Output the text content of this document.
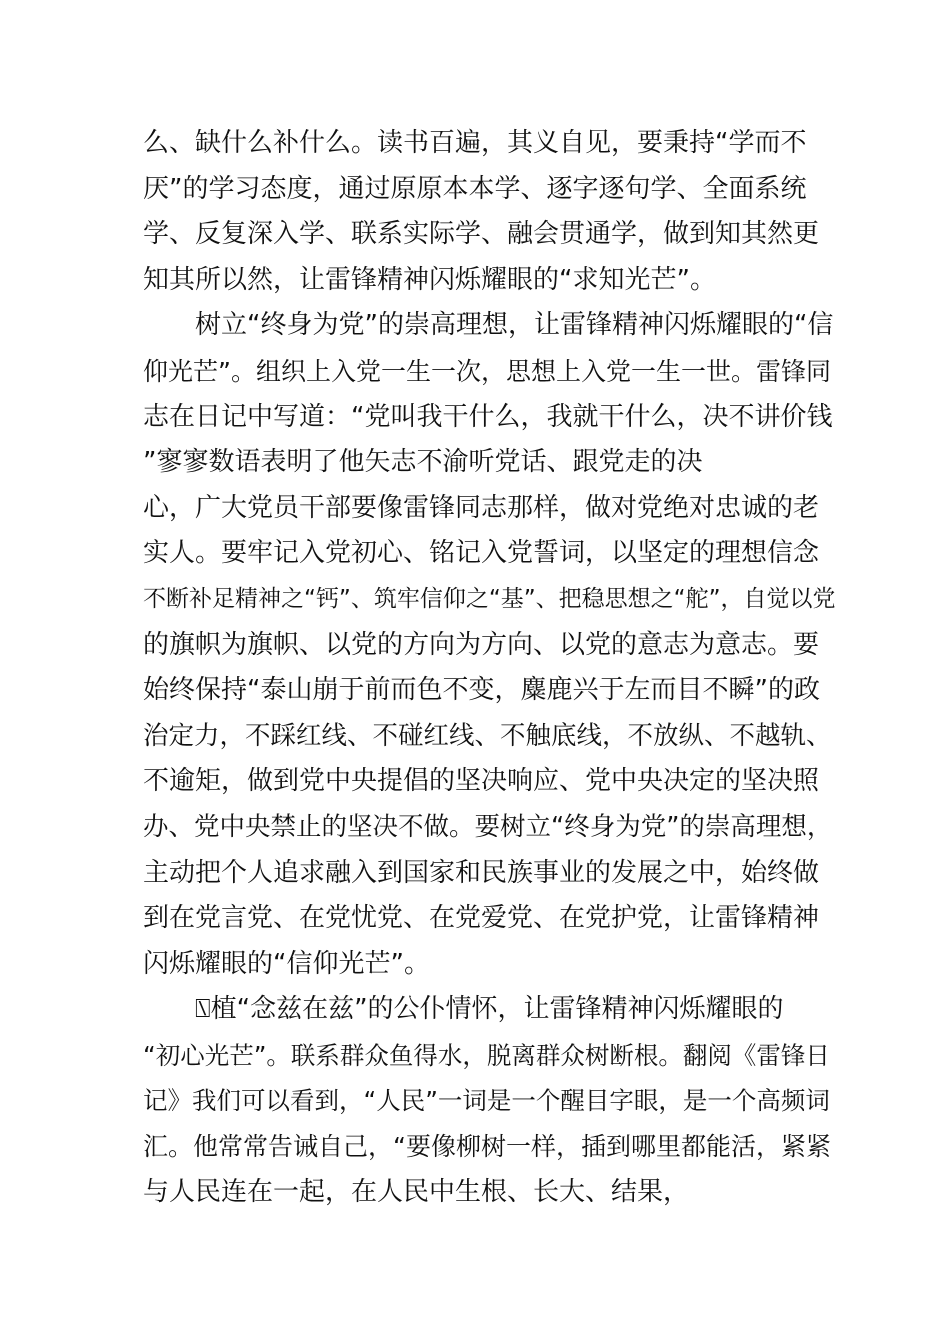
么、缺什么补什么。读书百遍，其义自见，要秉持“学而不
厌”的学习态度，通过原原本本学、逐字逐句学、全面系统
学、反复深入学、联系实际学、融会贯通学，做到知其然更
知其所以然，让雷锋精神闪烁耀眼的“求知光芒”。
树立“终身为党”的崇高理想，让雷锋精神闪烁耀眼的“信
仰光芒”。组织上入党一生一次，思想上入党一生一世。雷锋同
志在日记中写道：“党叫我干什么，我就干什么，决不讲价钱
”寥寥数语表明了他矢志不渝听党话、跟党走的决
心，广大党员干部要像雷锋同志那样，做对党绝对忠诚的老
实人。要牢记入党初心、铭记入党誓词，以坚定的理想信念
不断补足精神之“钙”、筑牢信仰之“基”、把稳思想之“舵”，自觉以党
的旗帜为旗帜、以党的方向为方向、以党的意志为意志。要
始终保持“泰山崩于前而色不变，麋鹿兴于左而目不瞬”的政
治定力，不踩红线、不碰红线、不触底线，不放纵、不越轨、
不逾矩，做到党中央提倡的坚决响应、党中央决定的坚决照
办、党中央禁止的坚决不做。要树立“终身为党”的崇高理想，
主动把个人追求融入到国家和民族事业的发展之中，始终做
到在党言党、在党忧党、在党爱党、在党护党，让雷锋精神
闪烁耀眼的“信仰光芒”。
⍂植“念兹在兹”的公仆情怀，让雷锋精神闪烁耀眼的
“初心光芒”。联系群众鱼得水，脱离群众树断根。翻阅《雷锋日
记》我们可以看到，“人民”一词是一个醒目字眼，是一个高频词
汇。他常常告诫自己，“要像柳树一样，插到哪里都能活，紧紧
与人民连在一起，在人民中生根、长大、结果，
